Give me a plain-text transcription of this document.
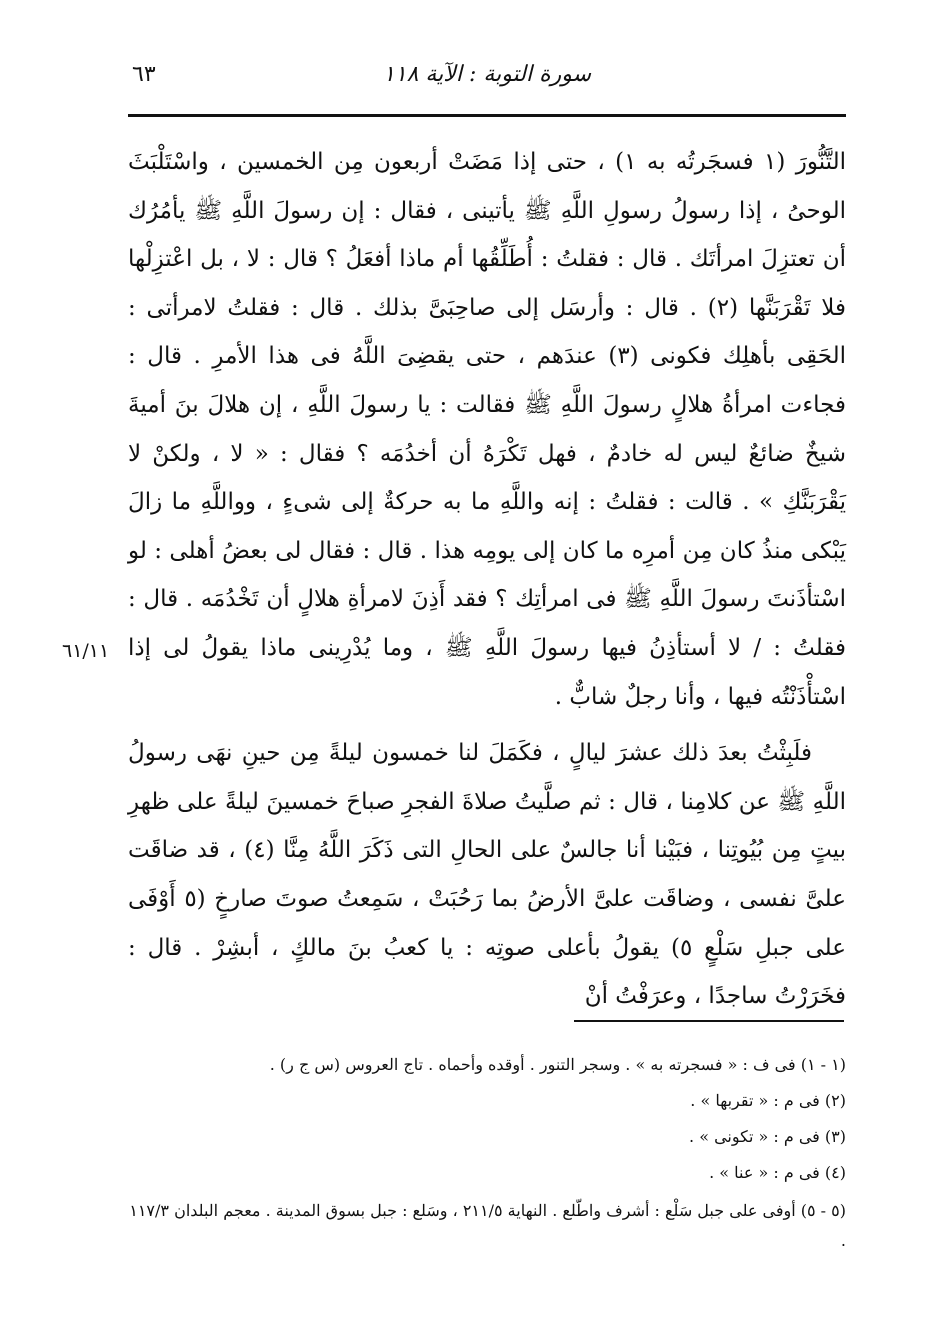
سورة التوبة : الآية ١١٨
٦٣

التَّنُّورَ (١ فسجَرتُه به ١) ، حتى إذا مَضَتْ أربعون مِن الخمسين ، واسْتَلْبَثَ الوحىُ ، إذا رسولُ رسولِ اللَّهِ ﷺ يأتينى ، فقال : إن رسولَ اللَّهِ ﷺ يأمُرُك أن تعتزِلَ امرأتَك . قال : فقلتُ : أُطَلِّقُها أم ماذا أفعَلُ ؟ قال : لا ، بل اعْتزِلْها فلا تَقْرَبَنَّها (٢) . قال : وأرسَل إلى صاحِبَىَّ بذلك . قال : فقلتُ لامرأتى : الحَقِى بأهلِك فكونى (٣) عندَهم ، حتى يقضِىَ اللَّهُ فى هذا الأمرِ . قال : فجاءت امرأةُ هلالٍ رسولَ اللَّهِ ﷺ فقالت : يا رسولَ اللَّهِ ، إن هلالَ بنَ أميةَ شيخٌ ضائعٌ ليس له خادمٌ ، فهل تَكْرَهُ أن أخدُمَه ؟ فقال : « لا ، ولكنْ لا يَقْرَبَنَّكِ » . قالت : فقلتُ : إنه واللَّهِ ما به حركةٌ إلى شىءٍ ، وواللَّهِ ما زالَ يَبْكى منذُ كان مِن أمرِه ما كان إلى يومِه هذا . قال : فقال لى بعضُ أهلى : لو اسْتأذَنتَ رسولَ اللَّهِ ﷺ فى امرأتِك ؟ فقد أَذِنَ لامرأةِ هلالٍ أن تَخْدُمَه . قال : فقلتُ : / لا أستأذِنُ فيها رسولَ اللَّهِ ﷺ ، وما يُدْرِينى ماذا يقولُ لى إذا اسْتأْذَنْتُه فيها ، وأنا رجلٌ شابٌّ .

فلَبِثْتُ بعدَ ذلك عشرَ ليالٍ ، فكَمَلَ لنا خمسون ليلةً مِن حينِ نهَى رسولُ اللَّهِ ﷺ عن كلامِنا ، قال : ثم صلَّيتُ صلاةَ الفجرِ صباحَ خمسينَ ليلةً على ظهرِ بيتٍ مِن بُيُوتِنا ، فبَيْنا أنا جالسٌ على الحالِ التى ذَكَرَ اللَّهُ مِنَّا (٤) ، قد ضاقَت علىَّ نفسى ، وضاقَت علىَّ الأرضُ بما رَحُبَتْ ، سَمِعتُ صوتَ صارخٍ (٥ أَوْفَى على جبلِ سَلْعٍ ٥) يقولُ بأعلى صوتِه : يا كعبُ بنَ مالكٍ ، أبشِرْ . قال : فخَرَرْتُ ساجدًا ، وعرَفْتُ أنْ

٦١/١١
(١ - ١) فى ف : « فسجرته به » . وسجر التنور . أوقده وأحماه . تاج العروس (س ج ر) .
(٢) فى م : « تقربها » .
(٣) فى م : « تكونى » .
(٤) فى م : « عنا » .
(٥ - ٥) أوفى على جبل سَلْع : أشرف واطّلع . النهاية ٢١١/٥ ، وسَلع : جبل بسوق المدينة . معجم البلدان ١١٧/٣ .
